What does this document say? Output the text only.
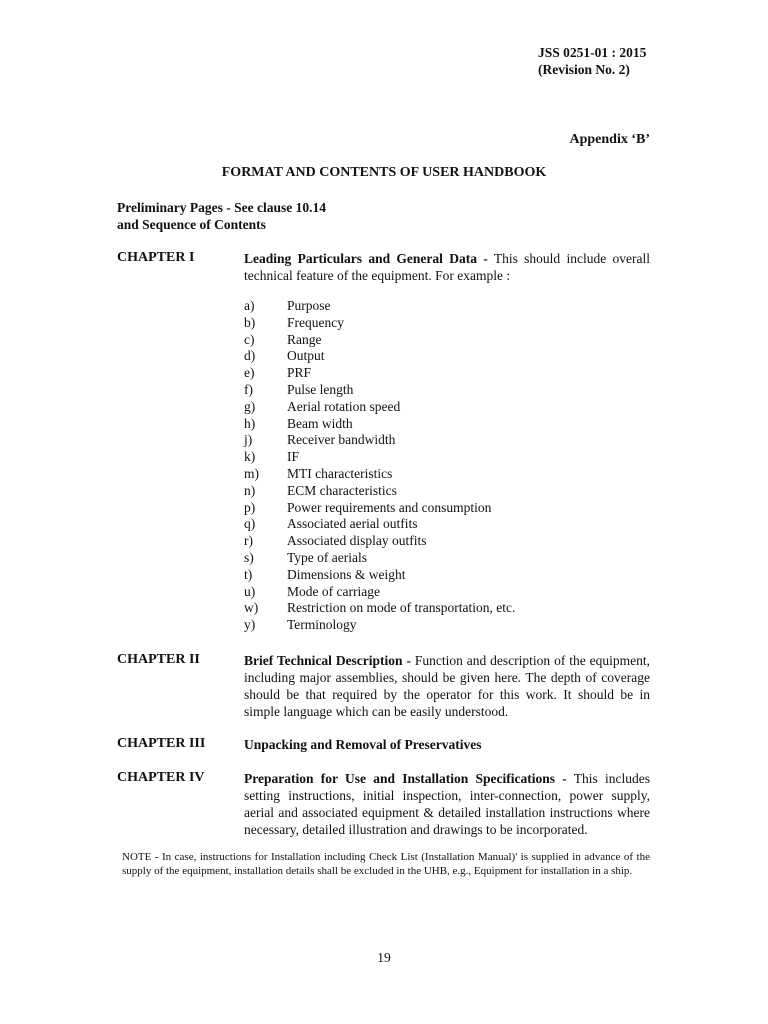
JSS 0251-01 : 2015
(Revision No. 2)
Appendix ‘B’
FORMAT AND CONTENTS OF USER HANDBOOK
Preliminary Pages - See clause 10.14
and Sequence of Contents
CHAPTER I	Leading Particulars and General Data - This should include overall technical feature of the equipment. For example :
a) Purpose
b) Frequency
c) Range
d) Output
e) PRF
f)	Pulse length
g) Aerial rotation speed
h) Beam width
j)	Receiver bandwidth
k) IF
m) MTI characteristics
n) ECM characteristics
p) Power requirements and consumption
q) Associated aerial outfits
r)	Associated display outfits
s) Type of aerials
t)	Dimensions & weight
u) Mode of carriage
w) Restriction on mode of transportation, etc.
y) Terminology
CHAPTER II	Brief Technical Description - Function and description of the equipment, including major assemblies, should be given here. The depth of coverage should be that required by the operator for this work. It should be in simple language which can be easily understood.
CHAPTER III	Unpacking and Removal of Preservatives
CHAPTER IV	Preparation for Use and Installation Specifications - This includes setting instructions, initial inspection, inter-connection, power supply, aerial and associated equipment & detailed installation instructions where necessary, detailed illustration and drawings to be incorporated.
NOTE - In case, instructions for Installation including Check List (Installation Manual)' is supplied in advance of the supply of the equipment, installation details shall be excluded in the UHB, e.g., Equipment for installation in a ship.
19
